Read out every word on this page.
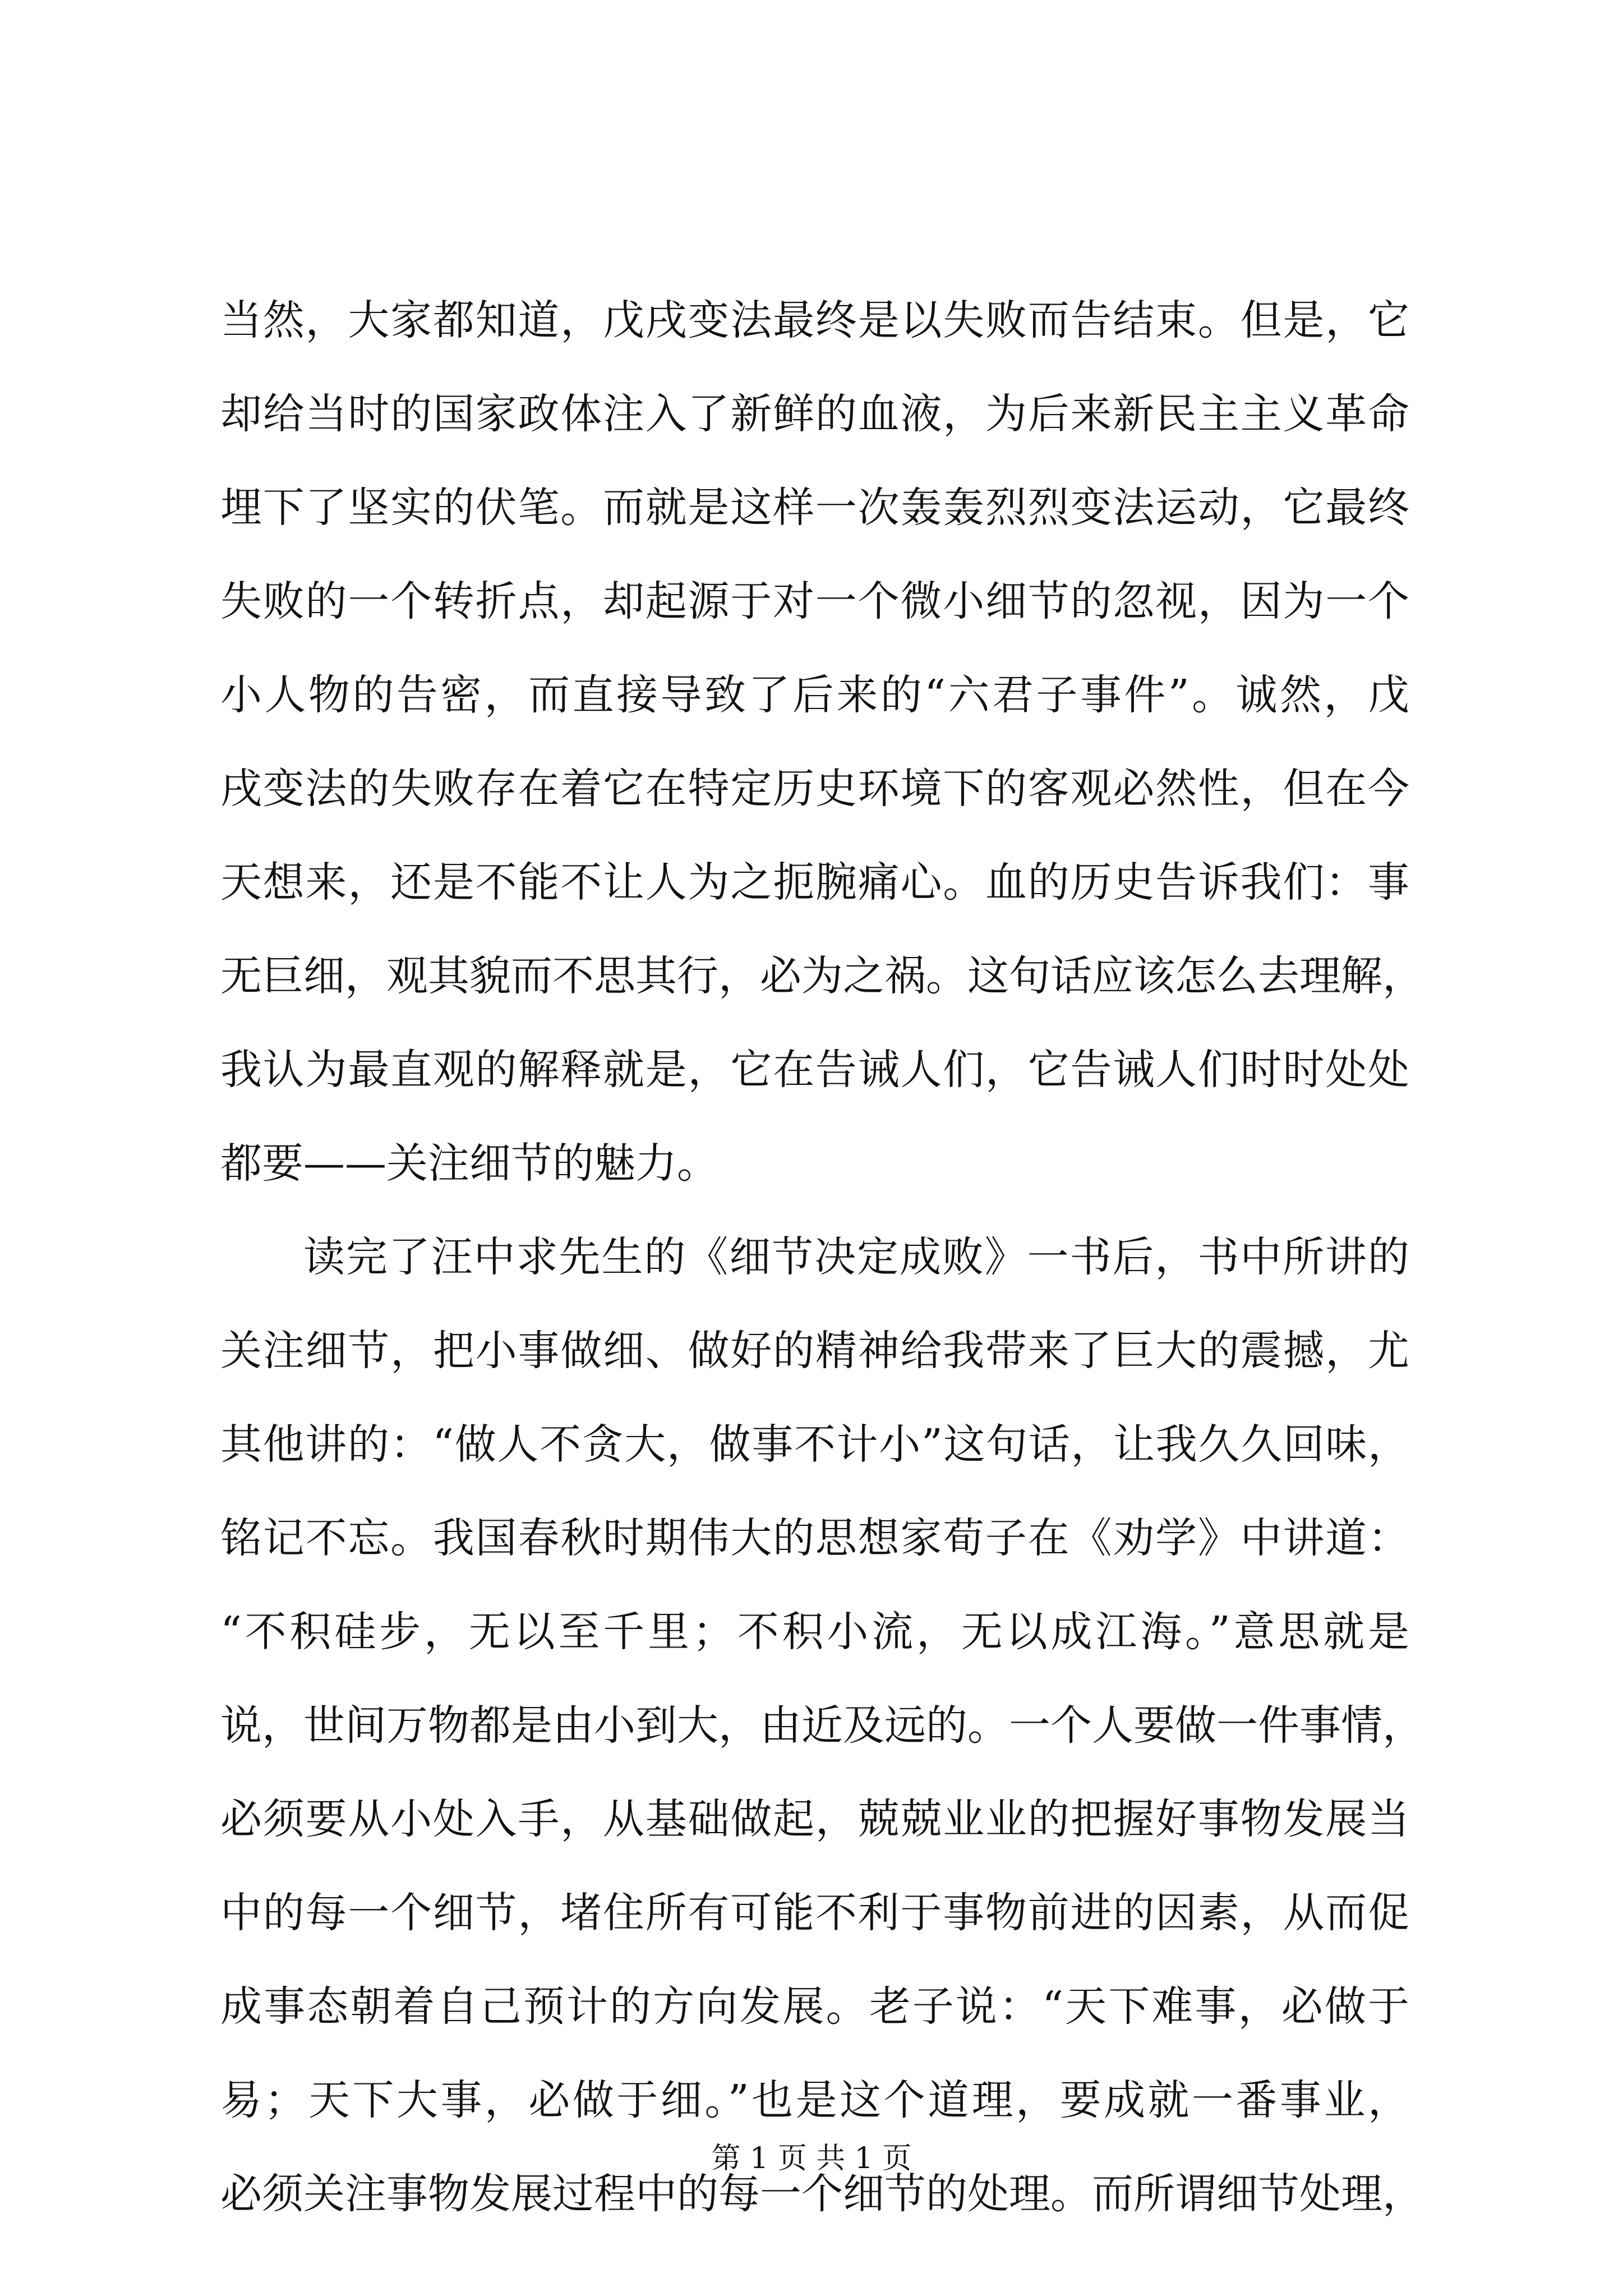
当然，大家都知道，戊戌变法最终是以失败而告结束。但是，它
却给当时的国家政体注入了新鲜的血液，为后来新民主主义革命
埋下了坚实的伏笔。而就是这样一次轰轰烈烈变法运动，它最终
失败的一个转折点，却起源于对一个微小细节的忽视，因为一个
小人物的告密，而直接导致了后来的“六君子事件”。诚然，戊
戌变法的失败存在着它在特定历史环境下的客观必然性，但在今
天想来，还是不能不让人为之扼腕痛心。血的历史告诉我们：事
无巨细，观其貌而不思其行，必为之祸。这句话应该怎么去理解，
我认为最直观的解释就是，它在告诫人们，它告诫人们时时处处
都要——关注细节的魅力。
读完了汪中求先生的《细节决定成败》一书后，书中所讲的
关注细节，把小事做细、做好的精神给我带来了巨大的震撼，尤
其他讲的：“做人不贪大，做事不计小”这句话，让我久久回味，
铭记不忘。我国春秋时期伟大的思想家荀子在《劝学》中讲道：
“不积硅步，无以至千里；不积小流，无以成江海。”意思就是
说，世间万物都是由小到大，由近及远的。一个人要做一件事情，
必须要从小处入手，从基础做起，兢兢业业的把握好事物发展当
中的每一个细节，堵住所有可能不利于事物前进的因素，从而促
成事态朝着自己预计的方向发展。老子说：“天下难事，必做于
易；天下大事，必做于细。”也是这个道理，要成就一番事业，
必须关注事物发展过程中的每一个细节的处理。而所谓细节处理，
第 1 页 共 1 页
